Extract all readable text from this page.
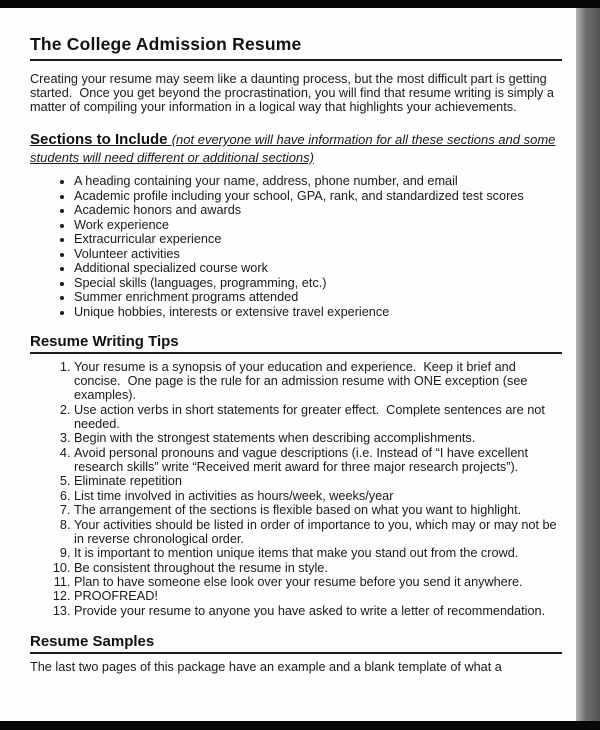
The College Admission Resume

Creating your resume may seem like a daunting process, but the most difficult part is getting started.  Once you get beyond the procrastination, you will find that resume writing is simply a matter of compiling your information in a logical way that highlights your achievements.

Sections to Include (not everyone will have information for all these sections and some students will need different or additional sections)
• A heading containing your name, address, phone number, and email
• Academic profile including your school, GPA, rank, and standardized test scores
• Academic honors and awards
• Work experience
• Extracurricular experience
• Volunteer activities
• Additional specialized course work
• Special skills (languages, programming, etc.)
• Summer enrichment programs attended
• Unique hobbies, interests or extensive travel experience
Resume Writing Tips
1. Your resume is a synopsis of your education and experience.  Keep it brief and concise.  One page is the rule for an admission resume with ONE exception (see examples).
2. Use action verbs in short statements for greater effect.  Complete sentences are not needed.
3. Begin with the strongest statements when describing accomplishments.
4. Avoid personal pronouns and vague descriptions (i.e. Instead of “I have excellent research skills” write “Received merit award for three major research projects”).
5. Eliminate repetition
6. List time involved in activities as hours/week, weeks/year
7. The arrangement of the sections is flexible based on what you want to highlight.
8. Your activities should be listed in order of importance to you, which may or may not be in reverse chronological order.
9. It is important to mention unique items that make you stand out from the crowd.
10. Be consistent throughout the resume in style.
11. Plan to have someone else look over your resume before you send it anywhere.
12. PROOFREAD!
13. Provide your resume to anyone you have asked to write a letter of recommendation.
Resume Samples

The last two pages of this package have an example and a blank template of what a
